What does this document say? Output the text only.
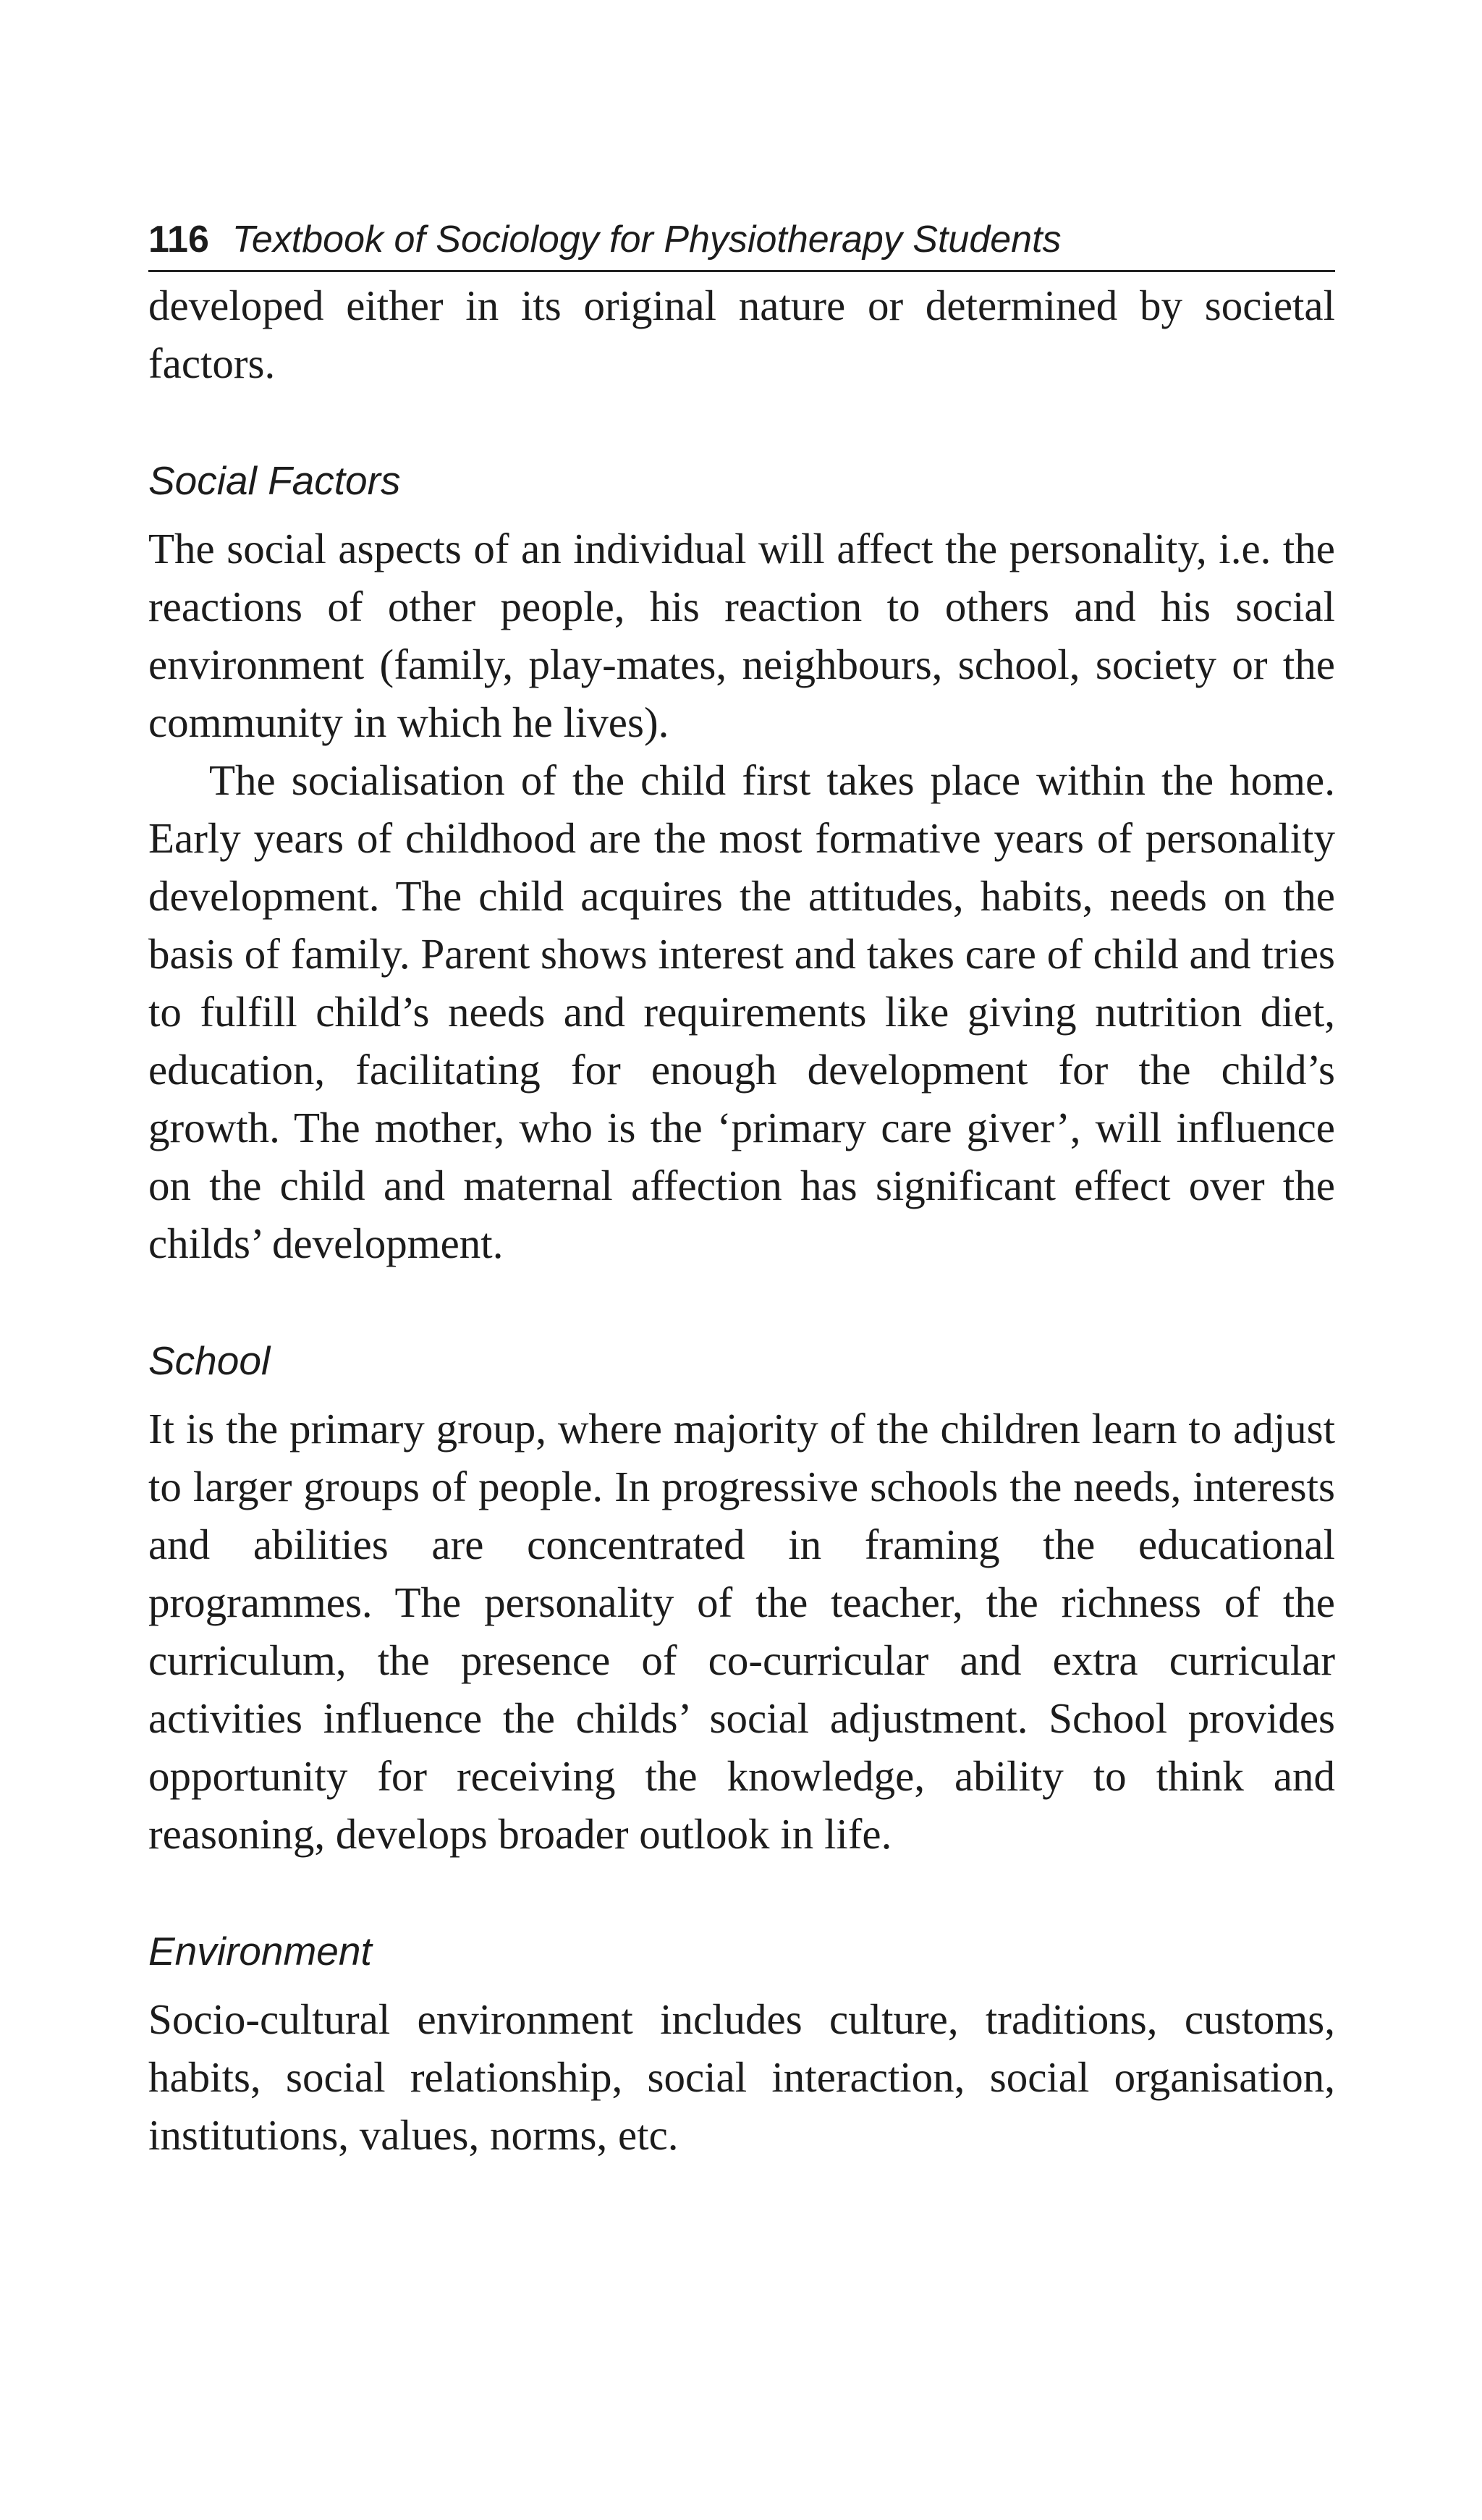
116 Textbook of Sociology for Physiotherapy Students

developed either in its original nature or determined by societal factors.

Social Factors

The social aspects of an individual will affect the personality, i.e. the reactions of other people, his reaction to others and his social environment (family, play-mates, neighbours, school, society or the community in which he lives).

The socialisation of the child first takes place within the home. Early years of childhood are the most formative years of personality development. The child acquires the attitudes, habits, needs on the basis of family. Parent shows interest and takes care of child and tries to fulfill child’s needs and requirements like giving nutrition diet, education, facilitating for enough development for the child’s growth. The mother, who is the ‘primary care giver’, will influence on the child and maternal affection has significant effect over the childs’ development.

School

It is the primary group, where majority of the children learn to adjust to larger groups of people. In progressive schools the needs, interests and abilities are concentrated in framing the educational programmes. The personality of the teacher, the richness of the curriculum, the presence of co-curricular and extra curricular activities influence the childs’ social adjustment. School provides opportunity for receiving the knowledge, ability to think and reasoning, develops broader outlook in life.

Environment

Socio-cultural environment includes culture, traditions, customs, habits, social relationship, social interaction, social organisation, institutions, values, norms, etc.
